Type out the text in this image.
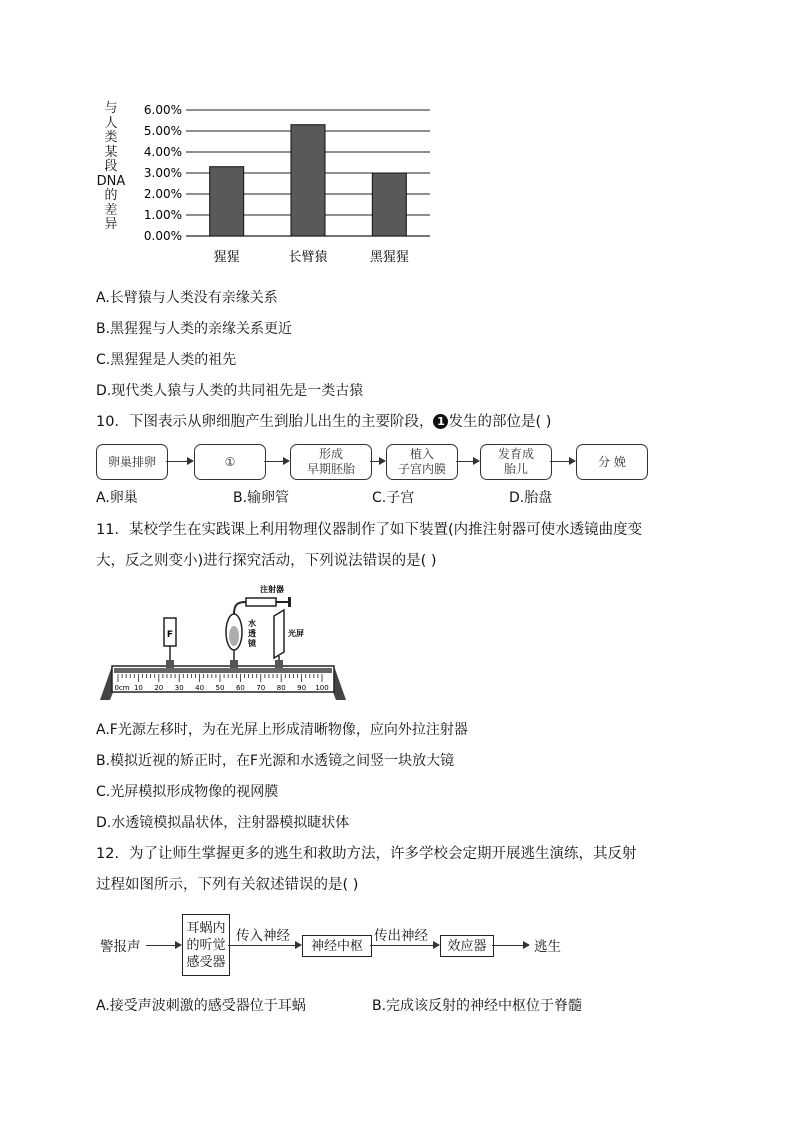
与
人
类
某
段
DNA
的
差
异
0.00%
1.00%
2.00%
3.00%
4.00%
5.00%
6.00%
猩猩	长臂猿	黑猩猩
A.长臂猿与人类没有亲缘关系
B.黑猩猩与人类的亲缘关系更近
C.黑猩猩是人类的祖先
D.现代类人猿与人类的共同祖先是一类古猿
10．下图表示从卵细胞产生到胎儿出生的主要阶段， 1 发生的部位是( )
卵巢排卵	①
形成
早期胚胎
植入
子宫内膜
发育成
胎儿
分 娩
A.卵巢	B.输卵管	C.子宫	D.胎盘
11．某校学生在实践课上利用物理仪器制作了如下装置(内推注射器可使水透镜曲度变
大，反之则变小)进行探究活动，下列说法错误的是( )
0cm 10 20 30 40 50 60 70 80 90 100
F
水
透
镜
注射器
光屏
A.F光源左移时，为在光屏上形成清晰物像，应向外拉注射器
B.模拟近视的矫正时，在F光源和水透镜之间竖一块放大镜
C.光屏模拟形成物像的视网膜
D.水透镜模拟晶状体，注射器模拟睫状体
12．为了让师生掌握更多的逃生和救助方法，许多学校会定期开展逃生演练，其反射
过程如图所示，下列有关叙述错误的是( )
警报声
耳蜗内
的听觉
感受器
传入神经
神经中枢
传出神经
效应器	逃生
A.接受声波刺激的感受器位于耳蜗	B.完成该反射的神经中枢位于脊髓
